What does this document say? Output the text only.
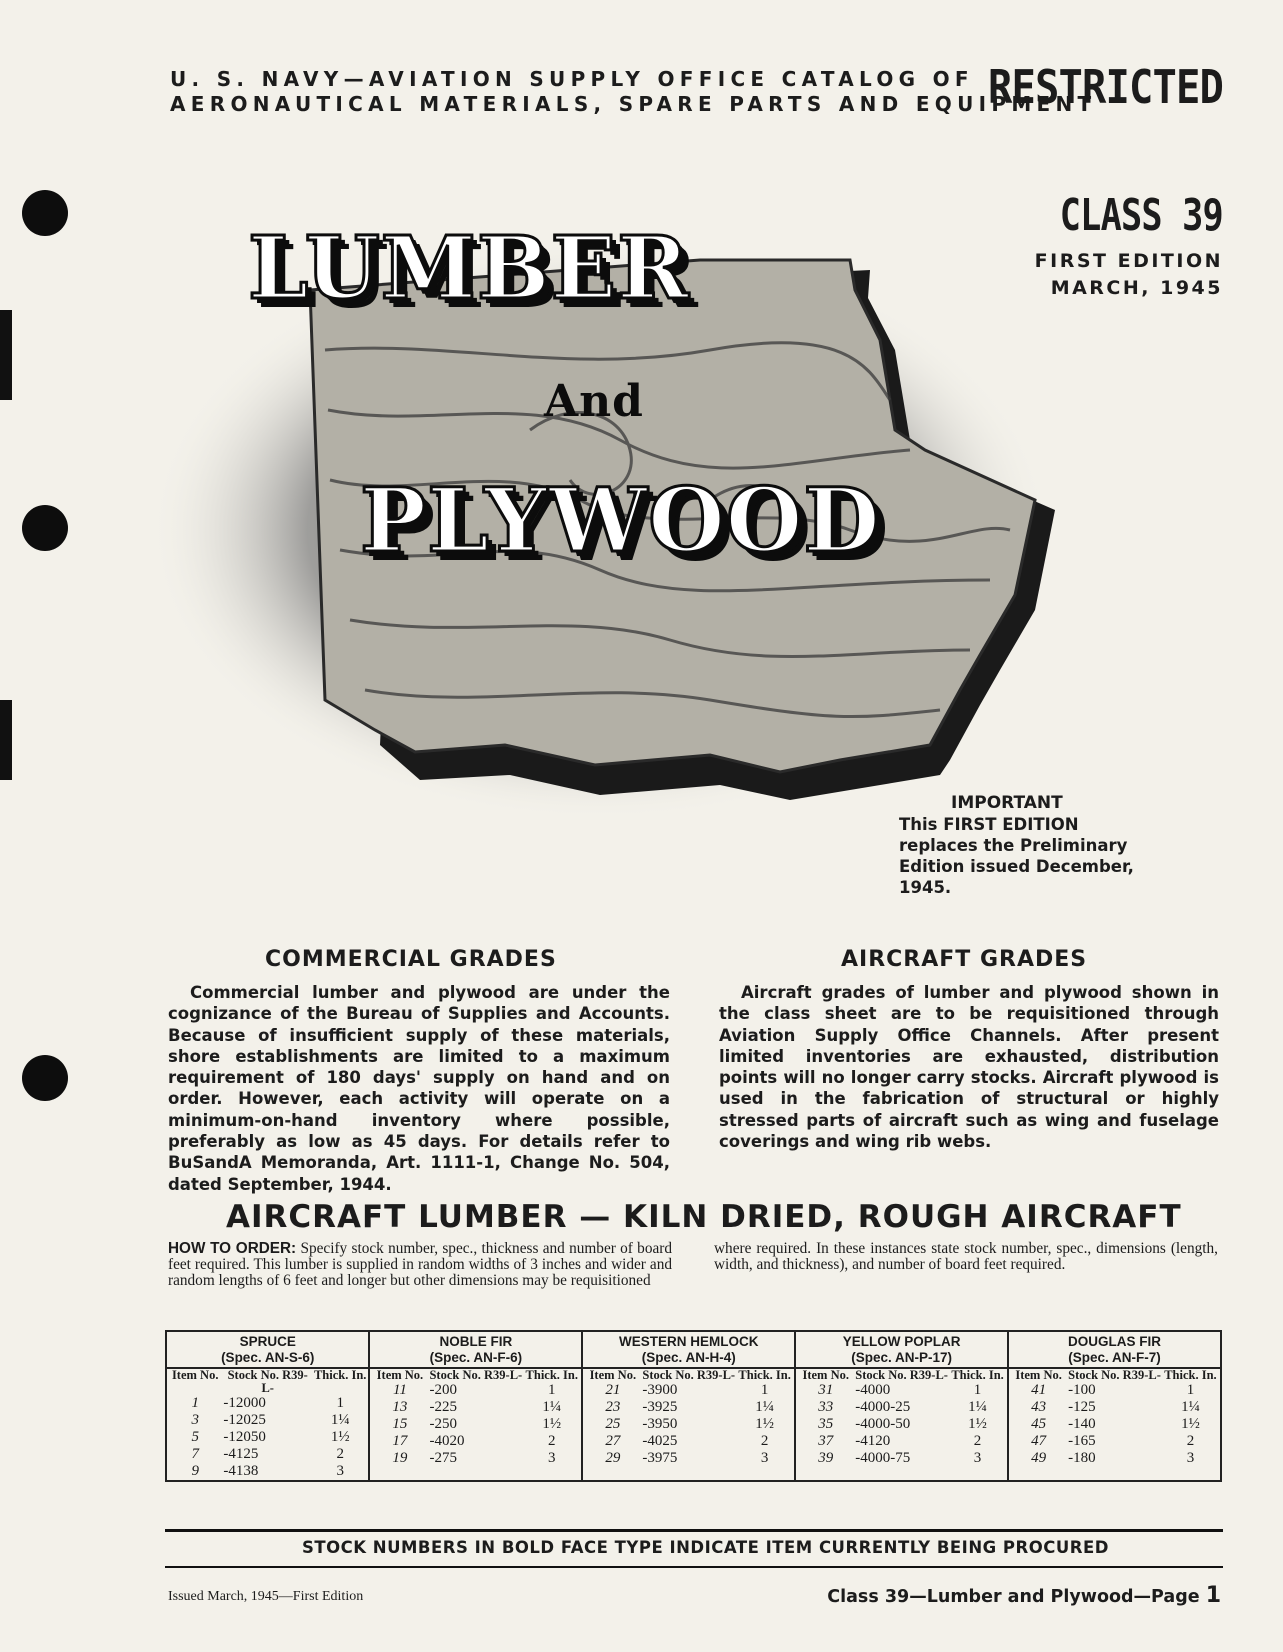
U. S. NAVY—AVIATION SUPPLY OFFICE CATALOG OF
AERONAUTICAL MATERIALS, SPARE PARTS AND EQUIPMENT
RESTRICTED
CLASS 39
FIRST EDITION
MARCH, 1945
LUMBER
And
PLYWOOD
IMPORTANT
This FIRST EDITION replaces the Preliminary Edition issued December, 1945.
COMMERCIAL GRADES

Commercial lumber and plywood are under the cognizance of the Bureau of Supplies and Accounts. Because of insufficient supply of these materials, shore establishments are limited to a maximum requirement of 180 days' supply on hand and on order. However, each activity will operate on a minimum-on-hand inventory where possible, preferably as low as 45 days. For details refer to BuSandA Memoranda, Art. 1111-1, Change No. 504, dated September, 1944.

AIRCRAFT GRADES

Aircraft grades of lumber and plywood shown in the class sheet are to be requisitioned through Aviation Supply Office Channels. After present limited inventories are exhausted, distribution points will no longer carry stocks. Aircraft plywood is used in the fabrication of structural or highly stressed parts of aircraft such as wing and fuselage coverings and wing rib webs.

AIRCRAFT LUMBER — KILN DRIED, ROUGH AIRCRAFT
HOW TO ORDER: Specify stock number, spec., thickness and number of board feet required. This lumber is supplied in random widths of 3 inches and wider and random lengths of 6 feet and longer but other dimensions may be requisitioned
where required. In these instances state stock number, spec., dimensions (length, width, and thickness), and number of board feet required.
SPRUCE
(Spec. AN-S-6)
Item No.	Stock No. R39-L-	Thick. In.
1	-12000	1
3	-12025	1¼
5	-12050	1½
7	-4125	2
9	-4138	3

NOBLE FIR
(Spec. AN-F-6)
Item No.	Stock No. R39-L-	Thick. In.
11	-200	1
13	-225	1¼
15	-250	1½
17	-4020	2
19	-275	3

WESTERN HEMLOCK
(Spec. AN-H-4)
Item No.	Stock No. R39-L-	Thick. In.
21	-3900	1
23	-3925	1¼
25	-3950	1½
27	-4025	2
29	-3975	3

YELLOW POPLAR
(Spec. AN-P-17)
Item No.	Stock No. R39-L-	Thick. In.
31	-4000	1
33	-4000-25	1¼
35	-4000-50	1½
37	-4120	2
39	-4000-75	3

DOUGLAS FIR
(Spec. AN-F-7)
Item No.	Stock No. R39-L-	Thick. In.
41	-100	1
43	-125	1¼
45	-140	1½
47	-165	2
49	-180	3
STOCK NUMBERS IN BOLD FACE TYPE INDICATE ITEM CURRENTLY BEING PROCURED
Issued March, 1945—First Edition	Class 39—Lumber and Plywood—Page 1
